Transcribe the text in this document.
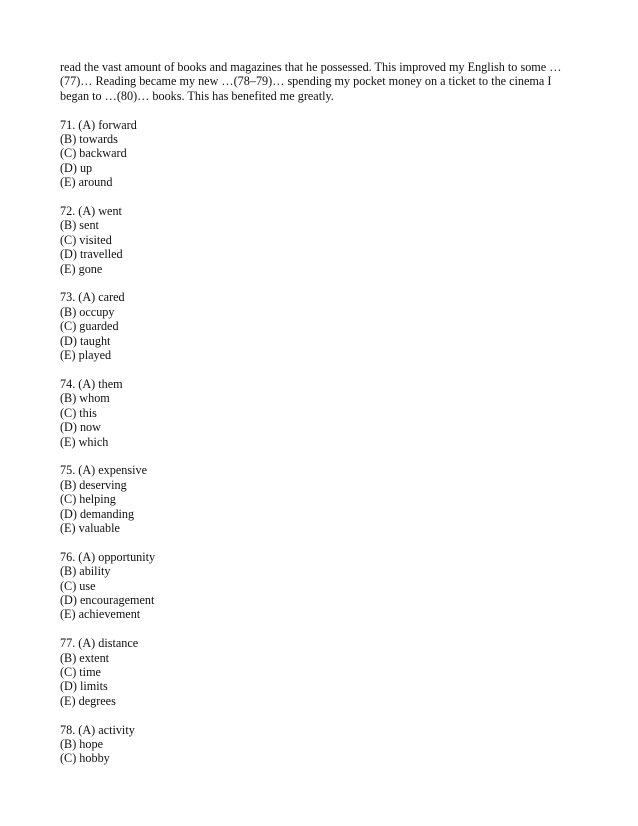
read the vast amount of books and magazines that he possessed. This improved my English to some …
(77)… Reading became my new …(78–79)… spending my pocket money on a ticket to the cinema I
began to …(80)… books. This has benefited me greatly.
71. (A) forward
(B) towards
(C) backward
(D) up
(E) around
72. (A) went
(B) sent
(C) visited
(D) travelled
(E) gone
73. (A) cared
(B) occupy
(C) guarded
(D) taught
(E) played
74. (A) them
(B) whom
(C) this
(D) now
(E) which
75. (A) expensive
(B) deserving
(C) helping
(D) demanding
(E) valuable
76. (A) opportunity
(B) ability
(C) use
(D) encouragement
(E) achievement
77. (A) distance
(B) extent
(C) time
(D) limits
(E) degrees
78. (A) activity
(B) hope
(C) hobby
